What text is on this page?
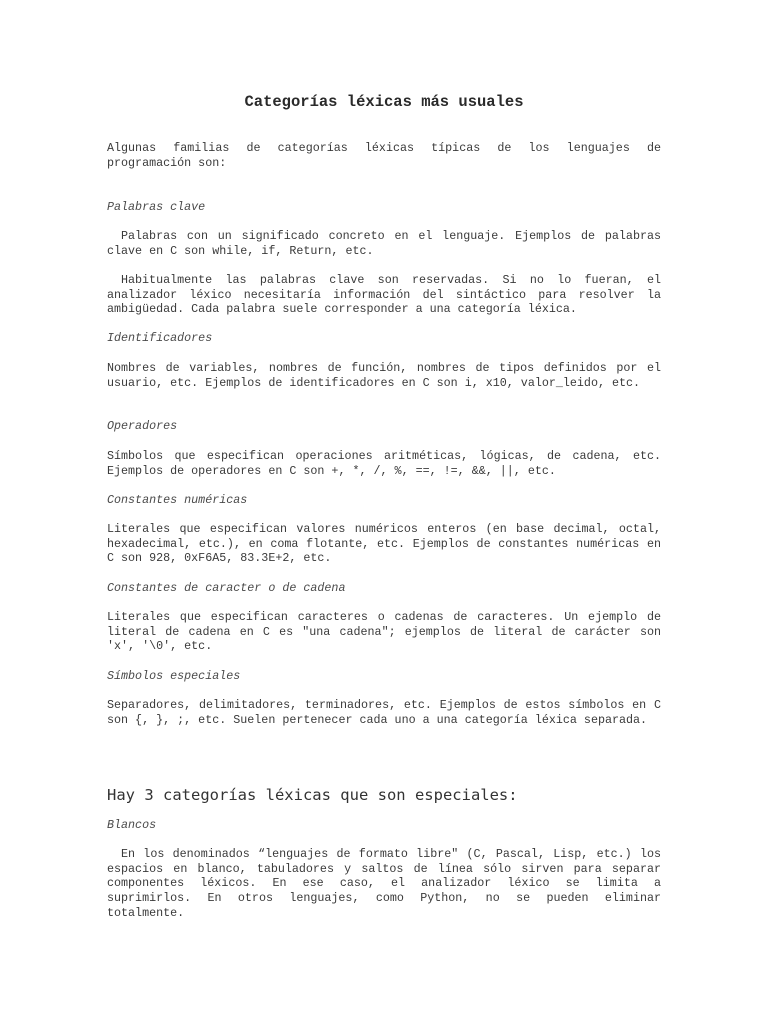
Categorías léxicas más usuales

Algunas familias de categorías léxicas típicas de los lenguajes de programación son:

Palabras clave

Palabras con un significado concreto en el lenguaje. Ejemplos de palabras clave en C son while, if, Return, etc.

Habitualmente las palabras clave son reservadas. Si no lo fueran, el analizador léxico necesitaría información del sintáctico para resolver la ambigüedad. Cada palabra suele corresponder a una categoría léxica.

Identificadores

Nombres de variables, nombres de función, nombres de tipos definidos por el usuario, etc. Ejemplos de identificadores en C son i, x10, valor_leido, etc.

Operadores

Símbolos que especifican operaciones aritméticas, lógicas, de cadena, etc. Ejemplos de operadores en C son +, *, /, %, ==, !=, &&, ||, etc.

Constantes numéricas

Literales que especifican valores numéricos enteros (en base decimal, octal, hexadecimal, etc.), en coma flotante, etc. Ejemplos de constantes numéricas en C son 928, 0xF6A5, 83.3E+2, etc.

Constantes de caracter o de cadena

Literales que especifican caracteres o cadenas de caracteres. Un ejemplo de literal de cadena en C es "una cadena"; ejemplos de literal de carácter son 'x', '\0', etc.

Símbolos especiales

Separadores, delimitadores, terminadores, etc. Ejemplos de estos símbolos en C son {, }, ;, etc. Suelen pertenecer cada uno a una categoría léxica separada.

Hay 3 categorías léxicas que son especiales:

Blancos

En los denominados “lenguajes de formato libre" (C, Pascal, Lisp, etc.) los espacios en blanco, tabuladores y saltos de línea sólo sirven para separar componentes léxicos. En ese caso, el analizador léxico se limita a suprimirlos. En otros lenguajes, como Python, no se pueden eliminar totalmente.
